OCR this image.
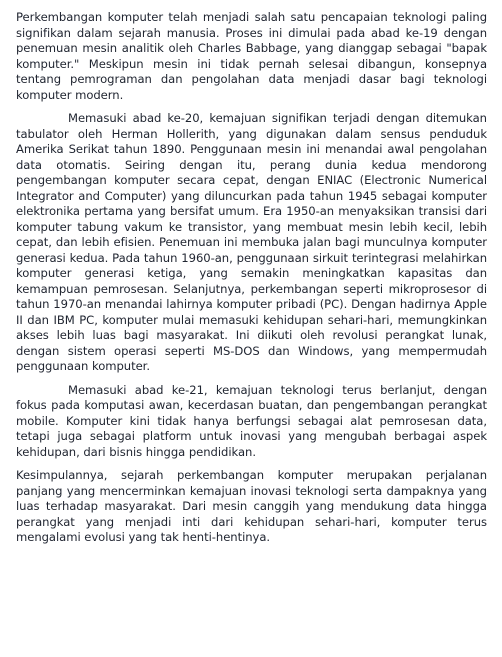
Perkembangan komputer telah menjadi salah satu pencapaian teknologi paling signifikan dalam sejarah manusia. Proses ini dimulai pada abad ke-19 dengan penemuan mesin analitik oleh Charles Babbage, yang dianggap sebagai "bapak komputer." Meskipun mesin ini tidak pernah selesai dibangun, konsepnya tentang pemrograman dan pengolahan data menjadi dasar bagi teknologi komputer modern.

Memasuki abad ke-20, kemajuan signifikan terjadi dengan ditemukan tabulator oleh Herman Hollerith, yang digunakan dalam sensus penduduk Amerika Serikat tahun 1890. Penggunaan mesin ini menandai awal pengolahan data otomatis. Seiring dengan itu, perang dunia kedua mendorong pengembangan komputer secara cepat, dengan ENIAC (Electronic Numerical Integrator and Computer) yang diluncurkan pada tahun 1945 sebagai komputer elektronika pertama yang bersifat umum. Era 1950-an menyaksikan transisi dari komputer tabung vakum ke transistor, yang membuat mesin lebih kecil, lebih cepat, dan lebih efisien. Penemuan ini membuka jalan bagi munculnya komputer generasi kedua. Pada tahun 1960-an, penggunaan sirkuit terintegrasi melahirkan komputer generasi ketiga, yang semakin meningkatkan kapasitas dan kemampuan pemrosesan. Selanjutnya, perkembangan seperti mikroprosesor di tahun 1970-an menandai lahirnya komputer pribadi (PC). Dengan hadirnya Apple II dan IBM PC, komputer mulai memasuki kehidupan sehari-hari, memungkinkan akses lebih luas bagi masyarakat. Ini diikuti oleh revolusi perangkat lunak, dengan sistem operasi seperti MS-DOS dan Windows, yang mempermudah penggunaan komputer.

Memasuki abad ke-21, kemajuan teknologi terus berlanjut, dengan fokus pada komputasi awan, kecerdasan buatan, dan pengembangan perangkat mobile. Komputer kini tidak hanya berfungsi sebagai alat pemrosesan data, tetapi juga sebagai platform untuk inovasi yang mengubah berbagai aspek kehidupan, dari bisnis hingga pendidikan.

Kesimpulannya, sejarah perkembangan komputer merupakan perjalanan panjang yang mencerminkan kemajuan inovasi teknologi serta dampaknya yang luas terhadap masyarakat. Dari mesin canggih yang mendukung data hingga perangkat yang menjadi inti dari kehidupan sehari-hari, komputer terus mengalami evolusi yang tak henti-hentinya.
